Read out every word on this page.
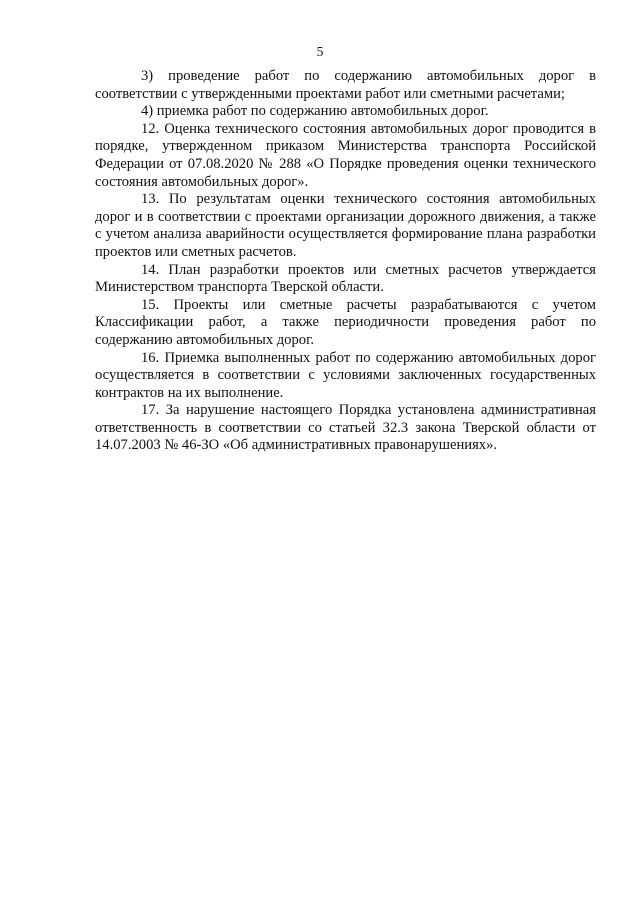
5

3) проведение работ по содержанию автомобильных дорог в соответствии с утвержденными проектами работ или сметными расчетами;

4) приемка работ по содержанию автомобильных дорог.

12. Оценка технического состояния автомобильных дорог проводится в порядке, утвержденном приказом Министерства транспорта Российской Федерации от 07.08.2020 № 288 «О Порядке проведения оценки технического состояния автомобильных дорог».

13. По результатам оценки технического состояния автомобильных дорог и в соответствии с проектами организации дорожного движения, а также с учетом анализа аварийности осуществляется формирование плана разработки проектов или сметных расчетов.

14. План разработки проектов или сметных расчетов утверждается Министерством транспорта Тверской области.

15. Проекты или сметные расчеты разрабатываются с учетом Классификации работ, а также периодичности проведения работ по содержанию автомобильных дорог.

16. Приемка выполненных работ по содержанию автомобильных дорог осуществляется в соответствии с условиями заключенных государственных контрактов на их выполнение.

17. За нарушение настоящего Порядка установлена административная ответственность в соответствии со статьей 32.3 закона Тверской области от 14.07.2003 № 46-ЗО «Об административных правонарушениях».
